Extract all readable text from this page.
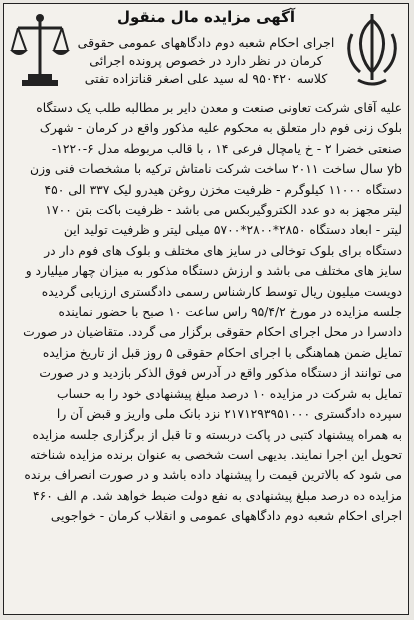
آگهی مزایده مال منقول
اجرای احکام شعبه دوم دادگاههای عمومی حقوقی
کرمان در نظر دارد در خصوص پرونده اجرائی
کلاسه ۹۵۰۴۲۰ له سید علی اصغر قناتزاده تفتی

علیه آقای شرکت تعاونی صنعت و معدن دایر بر مطالبه طلب یک دستگاه

بلوک زنی فوم دار متعلق به محکوم علیه مذکور واقع در کرمان - شهرک

صنعتی خضرا ۲ - خ یامچال فرعی ۱۴ ، با قالب مربوطه مدل ۶-۱۲۲۰-

yb سال ساخت ۲۰۱۱ ساخت شرکت نامتاش ترکیه با مشخصات فنی وزن

دستگاه ۱۱۰۰۰ کیلوگرم - ظرفیت مخزن روغن هیدرو لیک ۳۳۷ الی ۴۵۰

لیتر مجهز به دو عدد الکتروگیربکس می باشد - ظرفیت باکت بتن ۱۷۰۰

لیتر - ابعاد دستگاه ۲۸۵۰*۲۸۰۰*۵۷۰۰ میلی لیتر و ظرفیت تولید این

دستگاه برای بلوک توخالی در سایز های مختلف و بلوک های فوم دار در

سایز های مختلف می باشد و ارزش دستگاه مذکور به میزان چهار میلیارد و

دویست میلیون ریال توسط کارشناس رسمی دادگستری ارزیابی گردیده

جلسه مزایده در مورخ ۹۵/۴/۲ راس ساعت ۱۰ صبح با حضور نماینده

دادسرا در محل اجرای احکام حقوقی برگزار می گردد. متقاضیان در صورت

تمایل ضمن هماهنگی با اجرای احکام حقوقی ۵ روز قبل از تاریخ مزایده

می توانند از دستگاه مذکور واقع در آدرس فوق الذکر بازدید و در صورت

تمایل به شرکت در مزایده ۱۰ درصد مبلغ پیشنهادی خود را به حساب

سپرده دادگستری ۲۱۷۱۲۹۳۹۵۱۰۰۰ نزد بانک ملی واریز و قبض آن را

به همراه پیشنهاد کتبی در پاکت دربسته و تا قبل از برگزاری جلسه مزایده

تحویل این اجرا نمایند. بدیهی است شخصی به عنوان برنده مزایده شناخته

می شود که بالاترین قیمت را پیشنهاد داده باشد و در صورت انصراف برنده

مزایده ده درصد مبلغ پیشنهادی به نفع دولت ضبط خواهد شد. م الف ۴۶۰

اجرای احکام شعبه دوم دادگاههای عمومی و انقلاب کرمان - خواجویی
